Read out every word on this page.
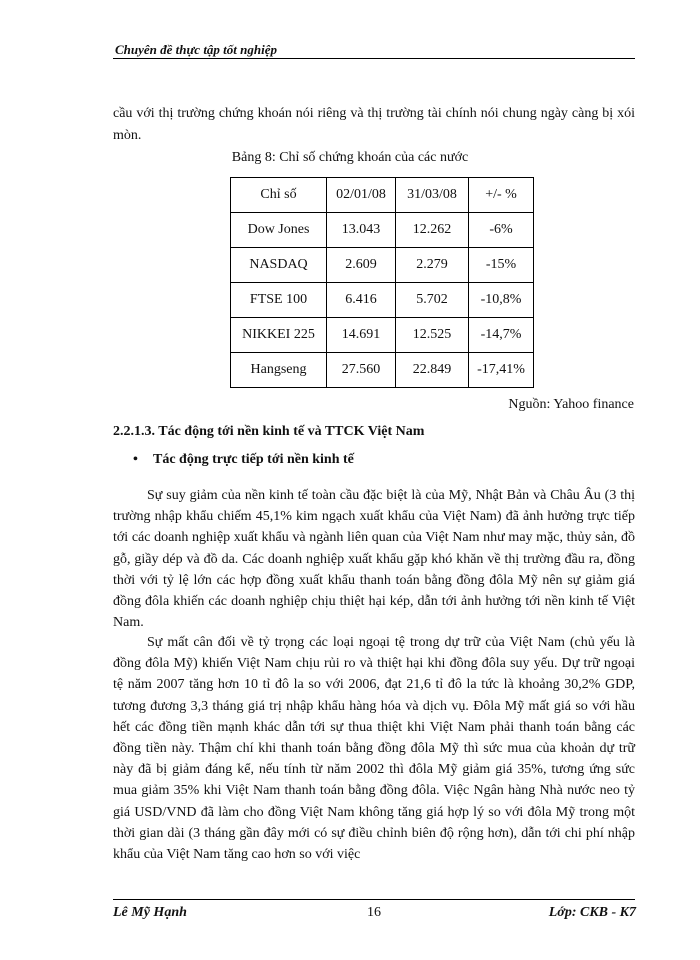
Chuyên đề thực tập tốt nghiệp

cầu với thị trường chứng khoán nói riêng và thị trường tài chính nói chung ngày càng bị xói mòn.

Bảng 8: Chỉ số chứng khoán của các nước
Chỉ số	02/01/08	31/03/08	+/- %
Dow Jones	13.043	12.262	-6%
NASDAQ	2.609	2.279	-15%
FTSE 100	6.416	5.702	-10,8%
NIKKEI 225	14.691	12.525	-14,7%
Hangseng	27.560	22.849	-17,41%
Nguồn: Yahoo finance
2.2.1.3. Tác động tới nền kinh tế và TTCK Việt Nam
• Tác động trực tiếp tới nền kinh tế

Sự suy giảm của nền kinh tế toàn cầu đặc biệt là của Mỹ, Nhật Bản và Châu Âu (3 thị trường nhập khẩu chiếm 45,1% kim ngạch xuất khẩu của Việt Nam) đã ảnh hưởng trực tiếp tới các doanh nghiệp xuất khẩu và ngành liên quan của Việt Nam như may mặc, thủy sản, đồ gỗ, giầy dép và đồ da. Các doanh nghiệp xuất khẩu gặp khó khăn về thị trường đầu ra, đồng thời với tỷ lệ lớn các hợp đồng xuất khẩu thanh toán bằng đồng đôla Mỹ nên sự giảm giá đồng đôla khiến các doanh nghiệp chịu thiệt hại kép, dẫn tới ảnh hưởng tới nền kinh tế Việt Nam.

Sự mất cân đối về tỷ trọng các loại ngoại tệ trong dự trữ của Việt Nam (chủ yếu là đồng đôla Mỹ) khiến Việt Nam chịu rủi ro và thiệt hại khi đồng đôla suy yếu. Dự trữ ngoại tệ năm 2007 tăng hơn 10 tỉ đô la so với 2006, đạt 21,6 tỉ đô la tức là khoảng 30,2% GDP, tương đương 3,3 tháng giá trị nhập khẩu hàng hóa và dịch vụ. Đôla Mỹ mất giá so với hầu hết các đồng tiền mạnh khác dẫn tới sự thua thiệt khi Việt Nam phải thanh toán bằng các đồng tiền này. Thậm chí khi thanh toán bằng đồng đôla Mỹ thì sức mua của khoản dự trữ này đã bị giảm đáng kể, nếu tính từ năm 2002 thì đôla Mỹ giảm giá 35%, tương ứng sức mua giảm 35% khi Việt Nam thanh toán bằng đồng đôla. Việc Ngân hàng Nhà nước neo tỷ giá USD/VND đã làm cho đồng Việt Nam không tăng giá hợp lý so với đôla Mỹ trong một thời gian dài (3 tháng gần đây mới có sự điều chỉnh biên độ rộng hơn), dẫn tới chi phí nhập khẩu của Việt Nam tăng cao hơn so với việc

Lê Mỹ Hạnh	16	Lớp: CKB - K7
